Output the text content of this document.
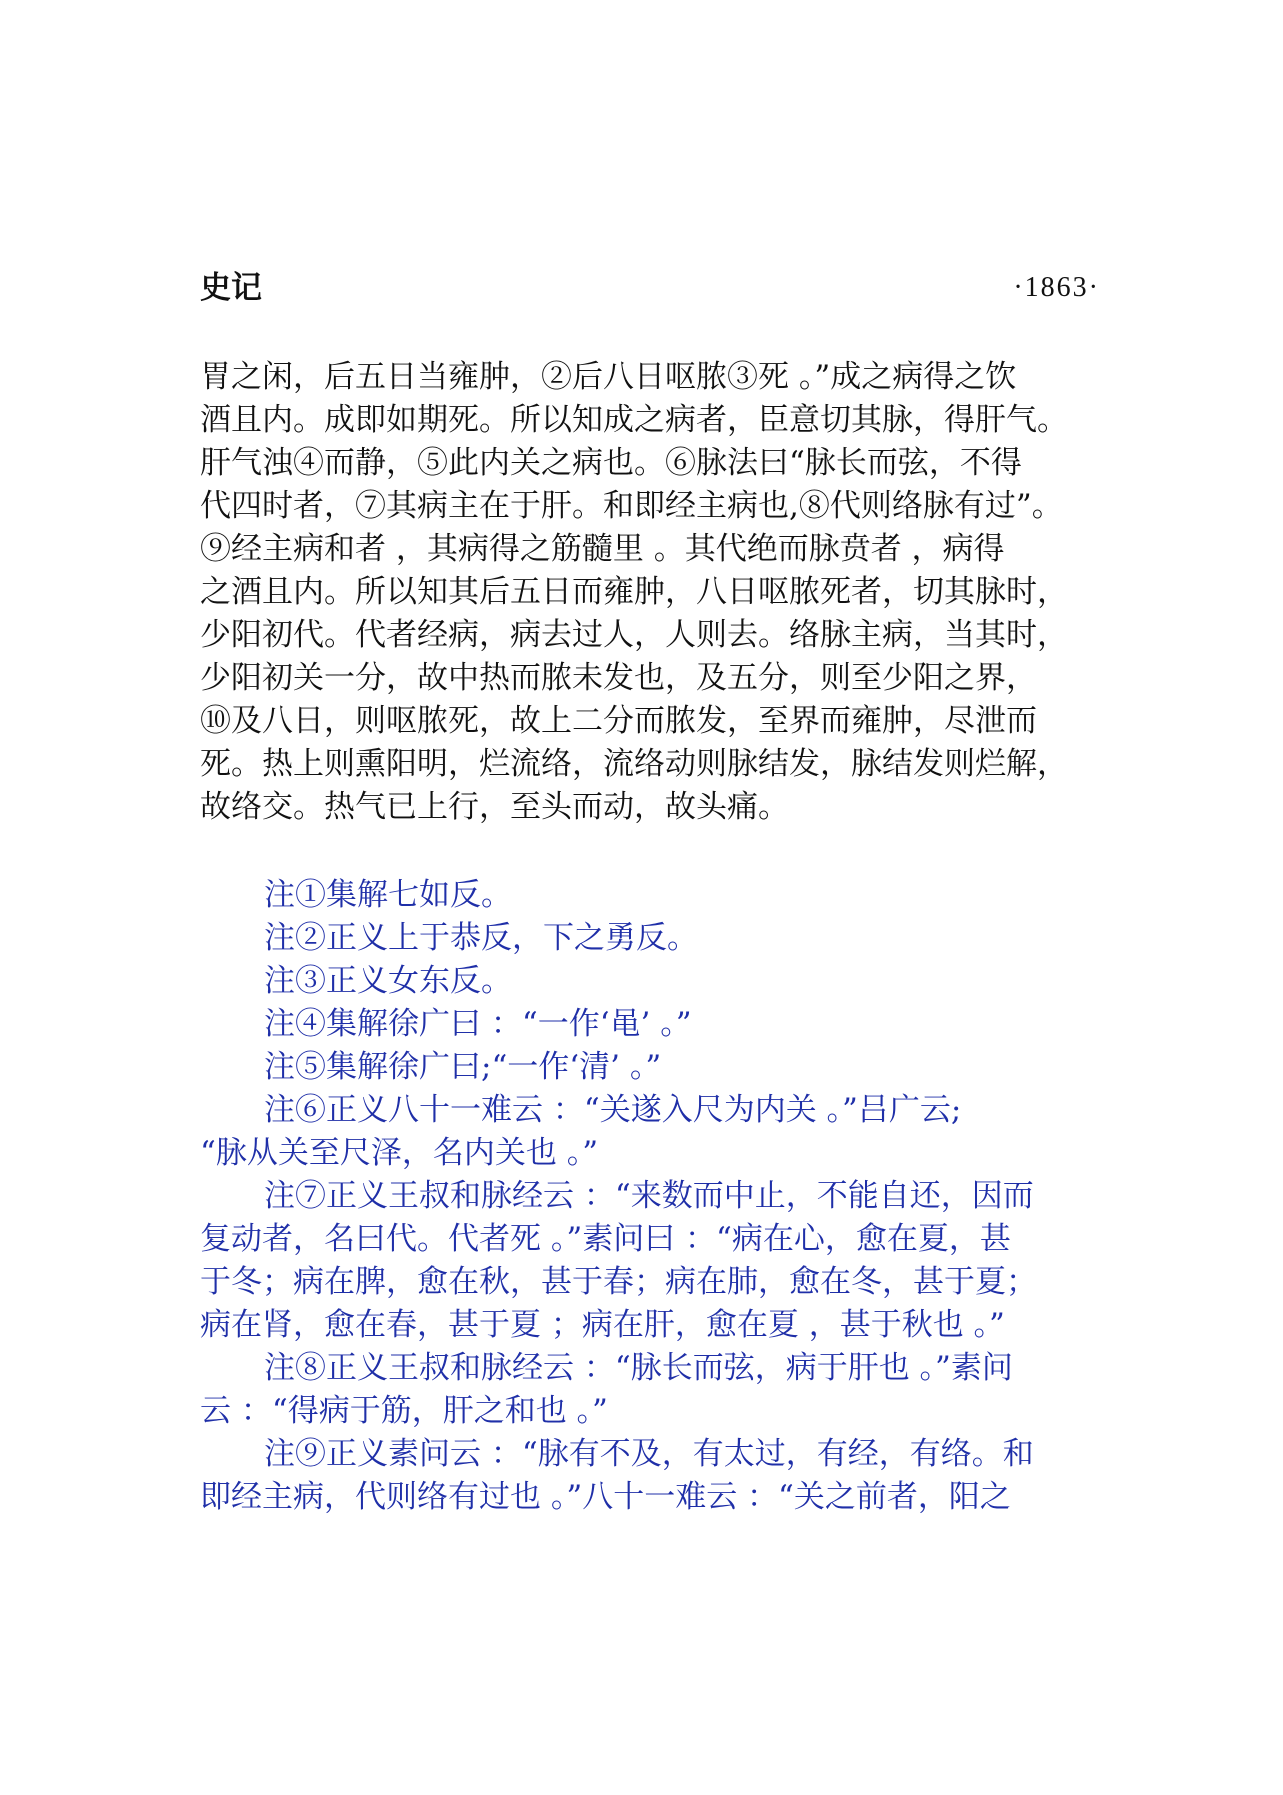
史记	·1863·
胃之闲，后五日当雍肿，②后八日呕脓③死 。”成之病得之饮
酒且内。成即如期死。所以知成之病者，臣意切其脉，得肝气。
肝气浊④而静，⑤此内关之病也。⑥脉法曰“脉长而弦，不得
代四时者，⑦其病主在于肝。和即经主病也,⑧代则络脉有过”。
⑨经主病和者 ，其病得之筋髓里 。其代绝而脉贲者 ，病得
之酒且内。所以知其后五日而雍肿，八日呕脓死者，切其脉时，
少阳初代。代者经病，病去过人，人则去。络脉主病，当其时，
少阳初关一分，故中热而脓未发也，及五分，则至少阳之界，
⑩及八日，则呕脓死，故上二分而脓发，至界而雍肿，尽泄而
死。热上则熏阳明，烂流络，流络动则脉结发，脉结发则烂解，
故络交。热气已上行，至头而动，故头痛。
注①集解七如反。
注②正义上于恭反，下之勇反。
注③正义女东反。
注④集解徐广曰 ：“一作‘黾’ 。”
注⑤集解徐广曰;“一作‘清’ 。”
注⑥正义八十一难云 ：“关遂入尺为内关 。”吕广云;
“脉从关至尺泽，名内关也 。”
注⑦正义王叔和脉经云 ：“来数而中止，不能自还，因而
复动者，名曰代。代者死 。”素问曰 ：“病在心，愈在夏，甚
于冬；病在脾，愈在秋，甚于春；病在肺，愈在冬，甚于夏；
病在肾，愈在春，甚于夏 ；病在肝，愈在夏 ，甚于秋也 。”
注⑧正义王叔和脉经云 ：“脉长而弦，病于肝也 。”素问
云 ：“得病于筋，肝之和也 。”
注⑨正义素问云 ：“脉有不及，有太过，有经，有络。和
即经主病，代则络有过也 。”八十一难云 ：“关之前者，阳之
